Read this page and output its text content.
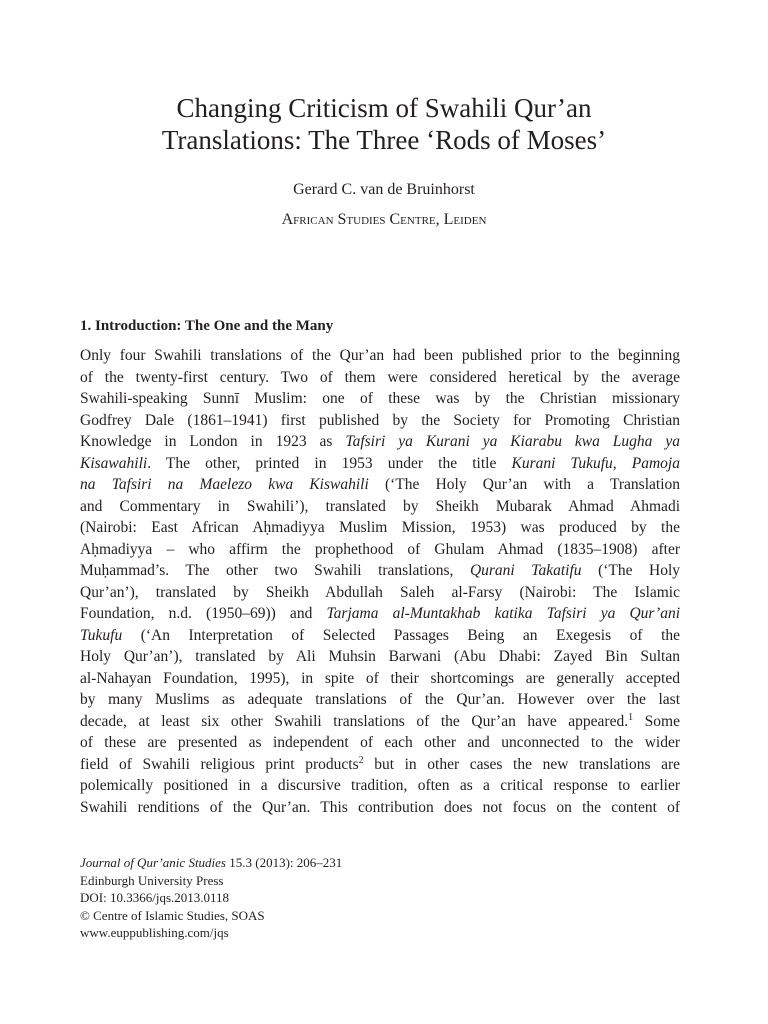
Changing Criticism of Swahili Qur’an
Translations: The Three ‘Rods of Moses’
Gerard C. van de Bruinhorst
African Studies Centre, Leiden
1. Introduction: The One and the Many

Only four Swahili translations of the Qur’an had been published prior to the beginning
of the twenty-first century. Two of them were considered heretical by the average
Swahili-speaking Sunnī Muslim: one of these was by the Christian missionary
Godfrey Dale (1861–1941) first published by the Society for Promoting Christian
Knowledge in London in 1923 as Tafsiri ya Kurani ya Kiarabu kwa Lugha ya
Kisawahili. The other, printed in 1953 under the title Kurani Tukufu, Pamoja
na Tafsiri na Maelezo kwa Kiswahili (‘The Holy Qur’an with a Translation
and Commentary in Swahili’), translated by Sheikh Mubarak Ahmad Ahmadi
(Nairobi: East African Aḥmadiyya Muslim Mission, 1953) was produced by the
Aḥmadiyya – who affirm the prophethood of Ghulam Ahmad (1835–1908) after
Muḥammad’s. The other two Swahili translations, Qurani Takatifu (‘The Holy
Qur’an’), translated by Sheikh Abdullah Saleh al-Farsy (Nairobi: The Islamic
Foundation, n.d. (1950–69)) and Tarjama al-Muntakhab katika Tafsiri ya Qur’ani
Tukufu (‘An Interpretation of Selected Passages Being an Exegesis of the
Holy Qur’an’), translated by Ali Muhsin Barwani (Abu Dhabi: Zayed Bin Sultan
al-Nahayan Foundation, 1995), in spite of their shortcomings are generally accepted
by many Muslims as adequate translations of the Qur’an. However over the last
decade, at least six other Swahili translations of the Qur’an have appeared.$^1$ Some
of these are presented as independent of each other and unconnected to the wider
field of Swahili religious print products$^2$ but in other cases the new translations are
polemically positioned in a discursive tradition, often as a critical response to earlier
Swahili renditions of the Qur’an. This contribution does not focus on the content of

Journal of Qur’anic Studies 15.3 (2013): 206–231
Edinburgh University Press
DOI: 10.3366/jqs.2013.0118
© Centre of Islamic Studies, SOAS
www.euppublishing.com/jqs
